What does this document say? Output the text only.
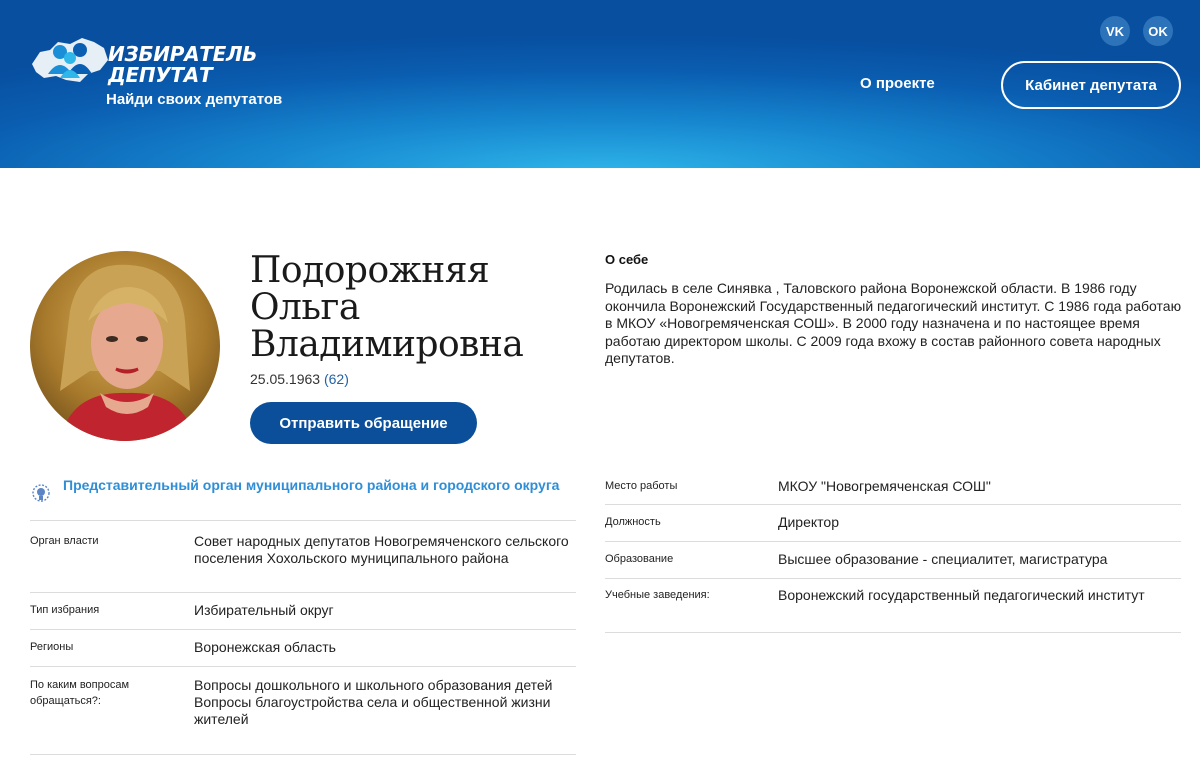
ИЗБИРАТЕЛЬ
ДЕПУТАТ
Найди своих депутатов
VK OK
О проекте	Кабинет депутата
Подорожняя
Ольга
Владимировна
25.05.1963 (62)
Отправить обращение
О себе
Родилась в селе Синявка , Таловского района Воронежской области. В 1986 году окончила Воронежский Государственный педагогический институт. С 1986 года работаю в МКОУ «Новогремяченская СОШ». В 2000 году назначена и по настоящее время работаю директором школы. С 2009 года вхожу в состав районного совета народных депутатов.
Представительный орган муниципального района и городского округа
Орган власти	Совет народных депутатов Новогремяченского сельского поселения Хохольского муниципального района
Тип избрания	Избирательный округ
Регионы	Воронежская область
По каким вопросам обращаться?:
Вопросы дошкольного и школьного образования детей
Вопросы благоустройства села и общественной жизни жителей
Место работы	МКОУ "Новогремяченская СОШ"
Должность	Директор
Образование	Высшее образование - специалитет, магистратура
Учебные заведения:	Воронежский государственный педагогический институт
